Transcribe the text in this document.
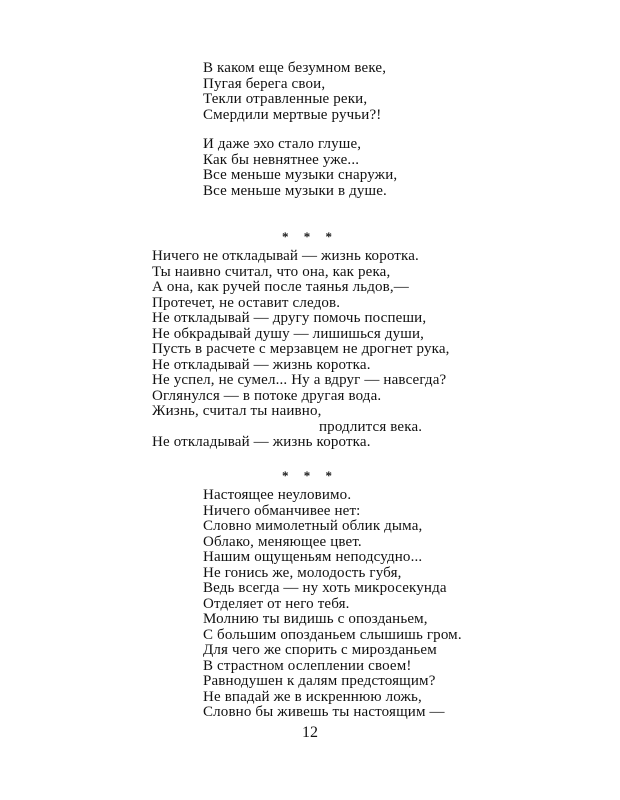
В каком еще безумном веке,
Пугая берега свои,
Текли отравленные реки,
Смердили мертвые ручьи?!
И даже эхо стало глуше,
Как бы невнятнее уже...
Все меньше музыки снаружи,
Все меньше музыки в душе.
* * *
Ничего не откладывай — жизнь коротка.
Ты наивно считал, что она, как река,
А она, как ручей после таянья льдов,—
Протечет, не оставит следов.
Не откладывай — другу помочь поспеши,
Не обкрадывай душу — лишишься души,
Пусть в расчете с мерзавцем не дрогнет рука,
Не откладывай — жизнь коротка.
Не успел, не сумел... Ну а вдруг — навсегда?
Оглянулся — в потоке другая вода.
Жизнь, считал ты наивно,
продлится века.
Не откладывай — жизнь коротка.
* * *
Настоящее неуловимо.
Ничего обманчивее нет:
Словно мимолетный облик дыма,
Облако, меняющее цвет.
Нашим ощущеньям неподсудно...
Не гонись же, молодость губя,
Ведь всегда — ну хоть микросекунда
Отделяет от него тебя.
Молнию ты видишь с опозданьем,
С большим опозданьем слышишь гром.
Для чего же спорить с мирозданьем
В страстном ослеплении своем!
Равнодушен к далям предстоящим?
Не впадай же в искреннюю ложь,
Словно бы живешь ты настоящим —
12
